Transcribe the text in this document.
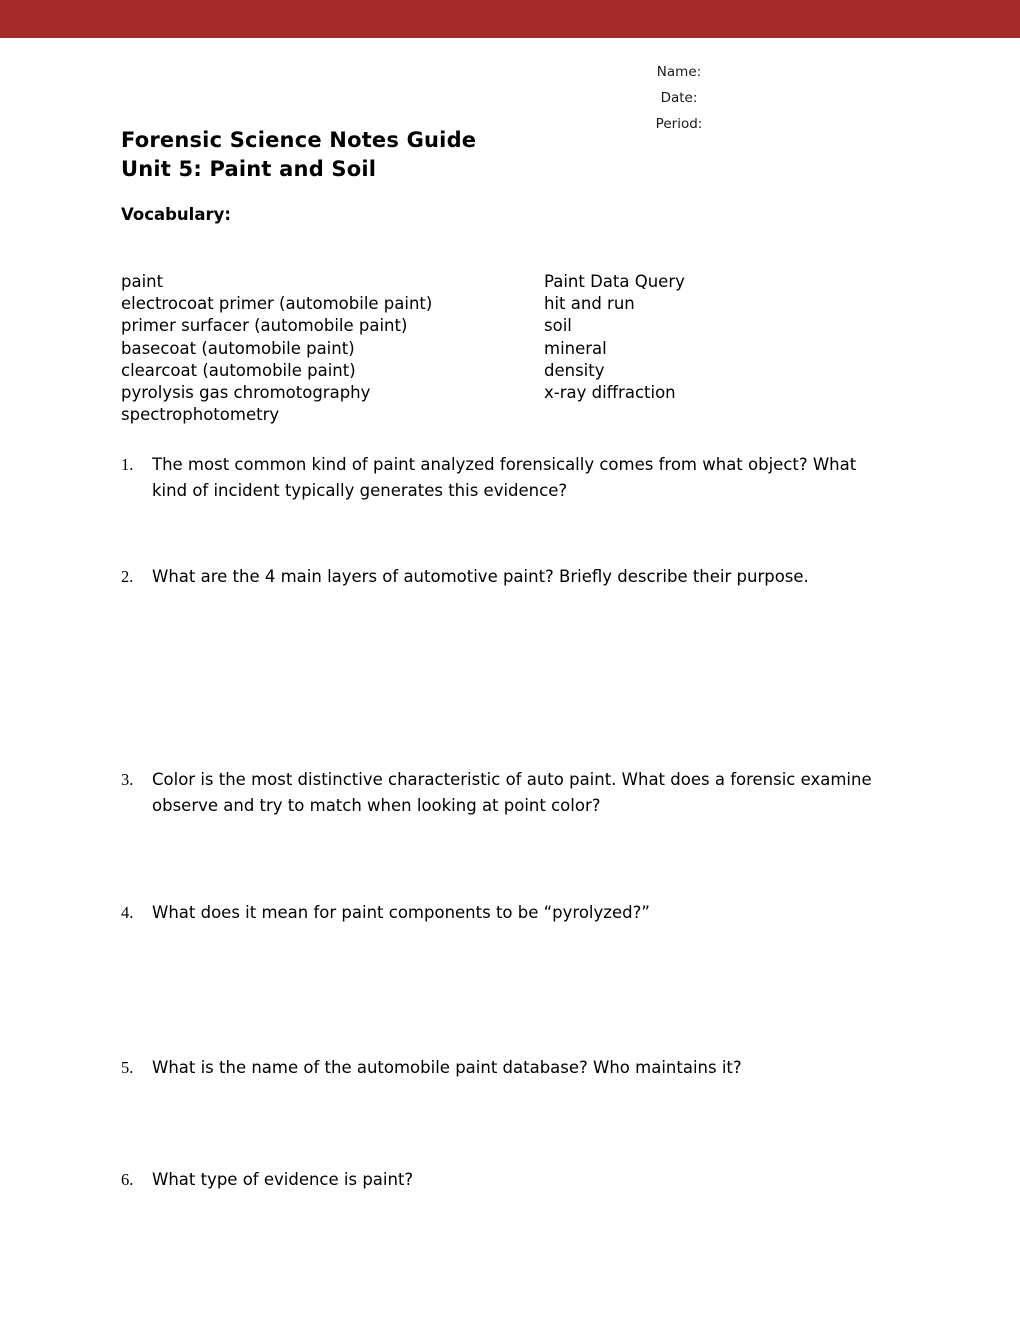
Name:
Date:
Period:
Forensic Science Notes Guide
Unit 5: Paint and Soil
Vocabulary:
paint
electrocoat primer (automobile paint)
primer surfacer (automobile paint)
basecoat (automobile paint)
clearcoat (automobile paint)
pyrolysis gas chromotography
spectrophotometry
Paint Data Query
hit and run
soil
mineral
density
x-ray diffraction
1.	The most common kind of paint analyzed forensically comes from what object? What kind of incident typically generates this evidence?
2.	What are the 4 main layers of automotive paint? Briefly describe their purpose.
3.	Color is the most distinctive characteristic of auto paint. What does a forensic examine observe and try to match when looking at point color?
4.	What does it mean for paint components to be “pyrolyzed?”
5.	What is the name of the automobile paint database? Who maintains it?
6.	What type of evidence is paint?
